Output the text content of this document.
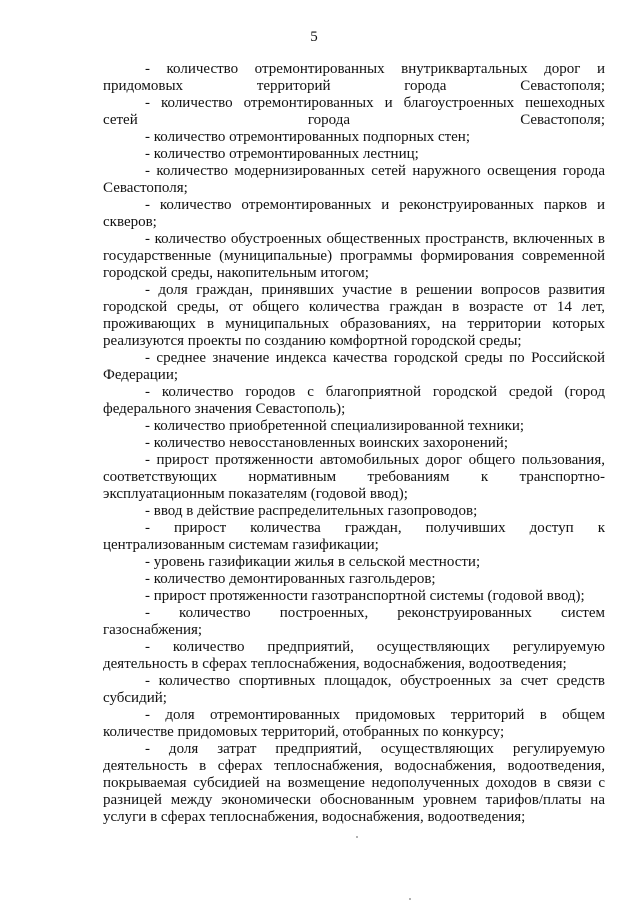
5

- количество отремонтированных внутриквартальных дорог и придомовых территорий города Севастополя;

- количество отремонтированных и благоустроенных пешеходных сетей города Севастополя;

- количество отремонтированных подпорных стен;

- количество отремонтированных лестниц;

- количество модернизированных сетей наружного освещения города Севастополя;

- количество отремонтированных и реконструированных парков и скверов;

- количество обустроенных общественных пространств, включенных в государственные (муниципальные) программы формирования современной городской среды, накопительным итогом;

- доля граждан, принявших участие в решении вопросов развития городской среды, от общего количества граждан в возрасте от 14 лет, проживающих в муниципальных образованиях, на территории которых реализуются проекты по созданию комфортной городской среды;

- среднее значение индекса качества городской среды по Российской Федерации;

- количество городов с благоприятной городской средой (город федерального значения Севастополь);

- количество приобретенной специализированной техники;

- количество невосстановленных воинских захоронений;

- прирост протяженности автомобильных дорог общего пользования, соответствующих нормативным требованиям к транспортно-эксплуатационным показателям (годовой ввод);

- ввод в действие распределительных газопроводов;

- прирост количества граждан, получивших доступ к централизованным системам газификации;

- уровень газификации жилья в сельской местности;

- количество демонтированных газгольдеров;

- прирост протяженности газотранспортной системы (годовой ввод);

- количество построенных, реконструированных систем газоснабжения;

- количество предприятий, осуществляющих регулируемую деятельность в сферах теплоснабжения, водоснабжения, водоотведения;

- количество спортивных площадок, обустроенных за счет средств субсидий;

- доля отремонтированных придомовых территорий в общем количестве придомовых территорий, отобранных по конкурсу;

- доля затрат предприятий, осуществляющих регулируемую деятельность в сферах теплоснабжения, водоснабжения, водоотведения, покрываемая субсидией на возмещение недополученных доходов в связи с разницей между экономически обоснованным уровнем тарифов/платы на услуги в сферах теплоснабжения, водоснабжения, водоотведения;
